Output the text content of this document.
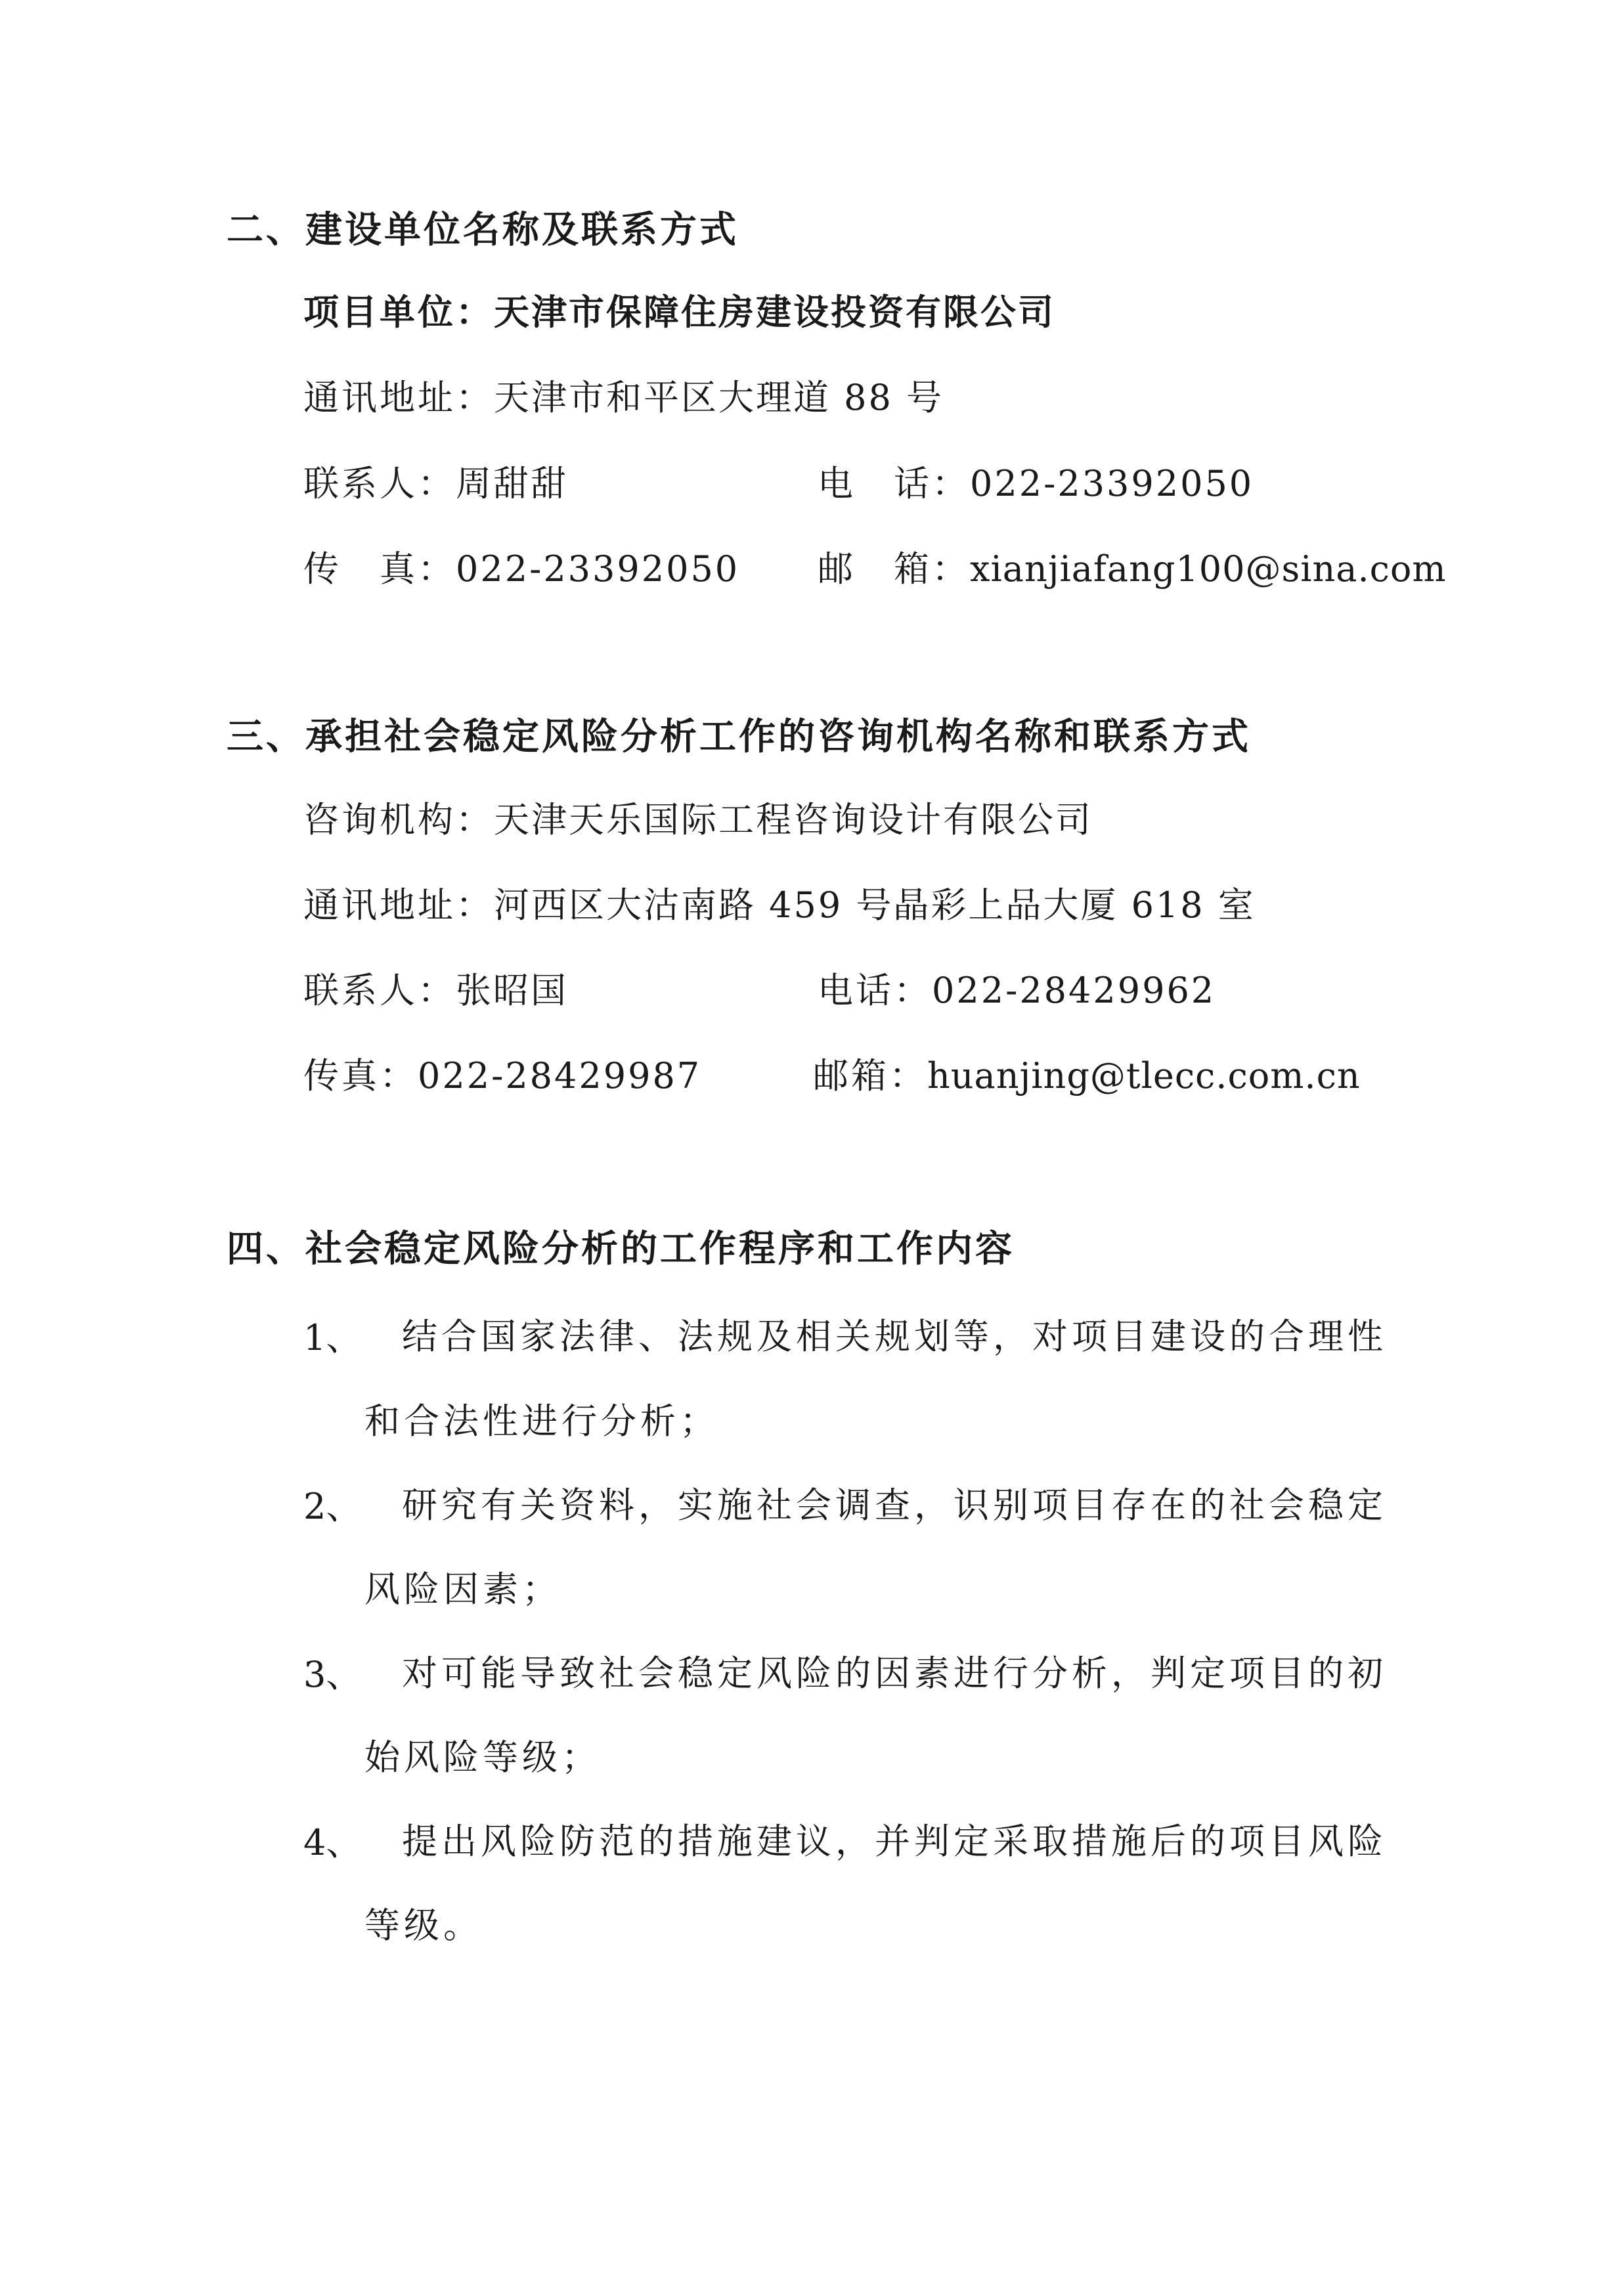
二、建设单位名称及联系方式
项目单位：天津市保障住房建设投资有限公司
通讯地址：天津市和平区大理道 88 号
联系人：周甜甜	电　话：022-23392050
传　真：022-23392050 邮　箱：xianjiafang100@sina.com
三、承担社会稳定风险分析工作的咨询机构名称和联系方式
咨询机构：天津天乐国际工程咨询设计有限公司
通讯地址：河西区大沽南路 459 号晶彩上品大厦 618 室
联系人：张昭国	电话：022-28429962
传真：022-28429987	邮箱：huanjing@tlecc.com.cn
四、社会稳定风险分析的工作程序和工作内容
1、 结合国家法律、法规及相关规划等，对项目建设的合理性
和合法性进行分析；
2、 研究有关资料，实施社会调查，识别项目存在的社会稳定
风险因素；
3、 对可能导致社会稳定风险的因素进行分析，判定项目的初
始风险等级；
4、 提出风险防范的措施建议，并判定采取措施后的项目风险
等级。
